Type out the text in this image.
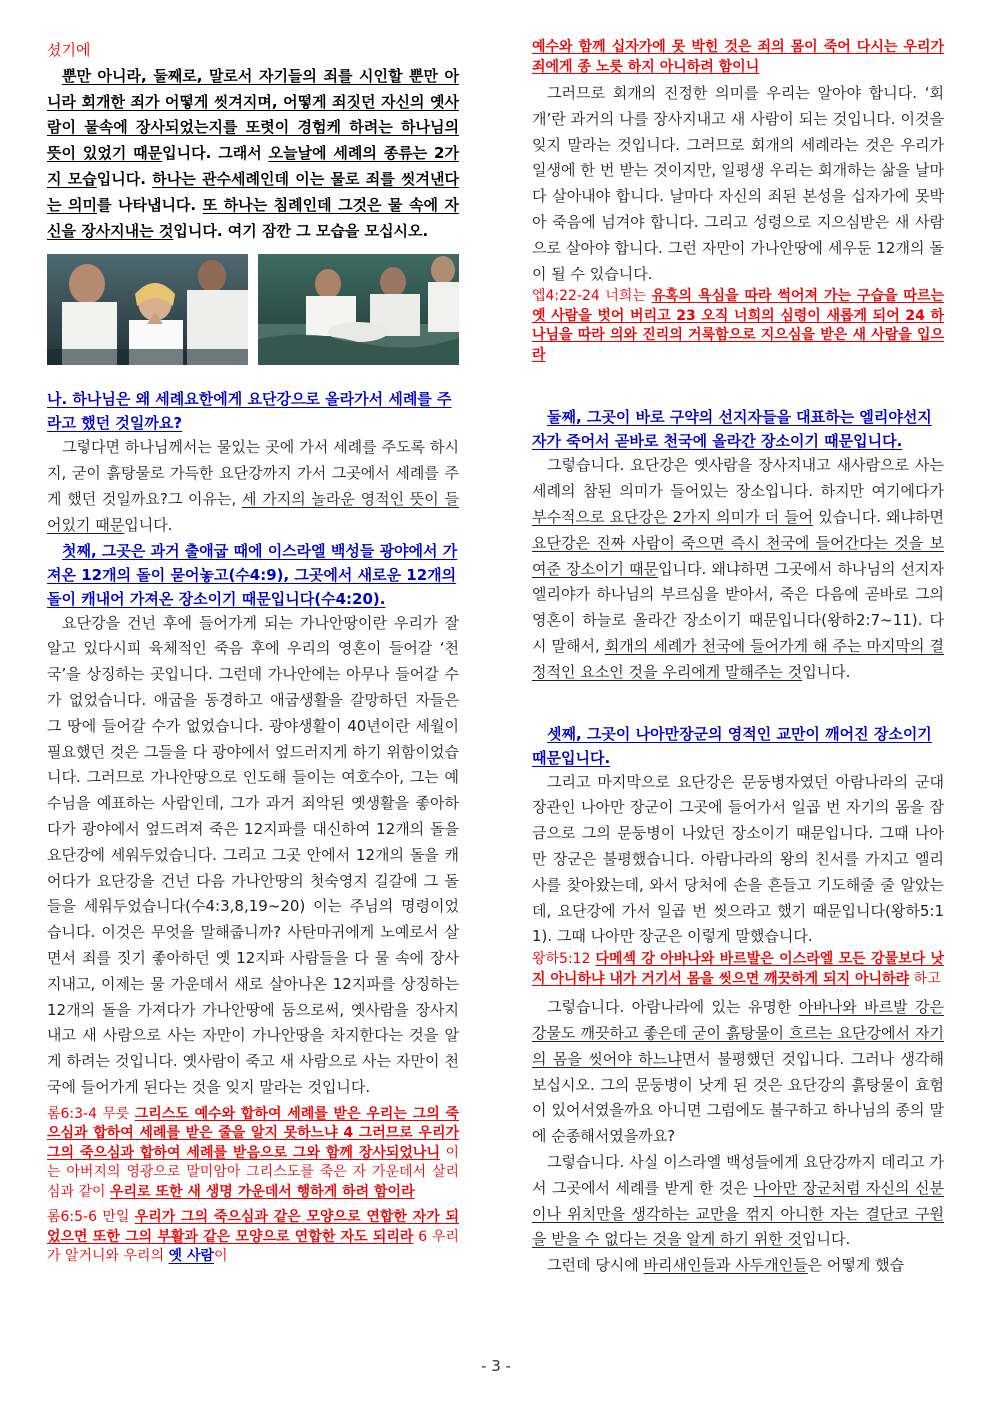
셨기에

뿐만 아니라, 둘째로, 말로서 자기들의 죄를 시인할 뿐만 아니라 회개한 죄가 어떻게 씻겨지며, 어떻게 죄짓던 자신의 옛사람이 물속에 장사되었는지를 또렷이 경험케 하려는 하나님의 뜻이 있었기 때문입니다. 그래서 오늘날에 세례의 종류는 2가지 모습입니다. 하나는 관수세례인데 이는 물로 죄를 씻겨낸다는 의미를 나타냅니다. 또 하나는 침례인데 그것은 물 속에 자신을 장사지내는 것입니다. 여기 잠깐 그 모습을 모십시오.

나. 하나님은 왜 세례요한에게 요단강으로 올라가서 세례를 주라고 했던 것일까요?

그렇다면 하나님께서는 물있는 곳에 가서 세례를 주도록 하시지, 굳이 흙탕물로 가득한 요단강까지 가서 그곳에서 세례를 주게 했던 것일까요?그 이유는, 세 가지의 놀라운 영적인 뜻이 들어있기 때문입니다.

첫째, 그곳은 과거 출애굽 때에 이스라엘 백성들 광야에서 가져온 12개의 돌이 묻어놓고(수4:9), 그곳에서 새로운 12개의 돌이 캐내어 가져온 장소이기 때문입니다(수4:20).

요단강을 건넌 후에 들어가게 되는 가나안땅이란 우리가 잘 알고 있다시피 육체적인 죽음 후에 우리의 영혼이 들어갈 ‘천국’을 상징하는 곳입니다. 그런데 가나안에는 아무나 들어갈 수가 없었습니다. 애굽을 동경하고 애굽생활을 갈망하던 자들은 그 땅에 들어갈 수가 없었습니다. 광야생활이 40년이란 세월이 필요했던 것은 그들을 다 광야에서 엎드러지게 하기 위함이었습니다. 그러므로 가나안땅으로 인도해 들이는 여호수아, 그는 예수님을 예표하는 사람인데, 그가 과거 죄악된 옛생활을 좋아하다가 광야에서 엎드려져 죽은 12지파를 대신하여 12개의 돌을 요단강에 세워두었습니다. 그리고 그곳 안에서 12개의 돌을 캐어다가 요단강을 건넌 다음 가나안땅의 첫숙영지 길갈에 그 돌들을 세워두었습니다(수4:3,8,19~20) 이는 주님의 명령이었습니다. 이것은 무엇을 말해줍니까? 사탄마귀에게 노예로서 살면서 죄를 짓기 좋아하던 옛 12지파 사람들을 다 물 속에 장사지내고, 이제는 물 가운데서 새로 살아나온 12지파를 상징하는 12개의 돌을 가져다가 가나안땅에 둠으로써, 옛사람을 장사지내고 새 사람으로 사는 자만이 가나안땅을 차지한다는 것을 알게 하려는 것입니다. 옛사람이 죽고 새 사람으로 사는 자만이 천국에 들어가게 된다는 것을 잊지 말라는 것입니다.

롬6:3-4 무릇 그리스도 예수와 합하여 세례를 받은 우리는 그의 죽으심과 합하여 세례를 받은 줄을 알지 못하느냐 4 그러므로 우리가 그의 죽으심과 합하여 세례를 받음으로 그와 함께 장사되었나니 이는 아버지의 영광으로 말미암아 그리스도를 죽은 자 가운데서 살리심과 같이 우리로 또한 새 생명 가운데서 행하게 하려 함이라

롬6:5-6 만일 우리가 그의 죽으심과 같은 모양으로 연합한 자가 되었으면 또한 그의 부활과 같은 모양으로 연합한 자도 되리라 6 우리가 알거니와 우리의 옛 사람이

예수와 함께 십자가에 못 박힌 것은 죄의 몸이 죽어 다시는 우리가 죄에게 종 노릇 하지 아니하려 함이니

그러므로 회개의 진정한 의미를 우리는 알아야 합니다. ‘회개’란 과거의 나를 장사지내고 새 사람이 되는 것입니다. 이것을 잊지 말라는 것입니다. 그러므로 회개의 세례라는 것은 우리가 일생에 한 번 받는 것이지만, 일평생 우리는 회개하는 삶을 날마다 살아내야 합니다. 날마다 자신의 죄된 본성을 십자가에 못박아 죽음에 넘겨야 합니다. 그리고 성령으로 지으심받은 새 사람으로 살아야 합니다. 그런 자만이 가나안땅에 세우둔 12개의 돌이 될 수 있습니다.

엡4:22-24 너희는 유혹의 욕심을 따라 썩어져 가는 구습을 따르는 옛 사람을 벗어 버리고 23 오직 너희의 심령이 새롭게 되어 24 하나님을 따라 의와 진리의 거룩함으로 지으심을 받은 새 사람을 입으라

둘째, 그곳이 바로 구약의 선지자들을 대표하는 엘리야선지자가 죽어서 곧바로 천국에 올라간 장소이기 때문입니다.

그렇습니다. 요단강은 옛사람을 장사지내고 새사람으로 사는 세례의 참된 의미가 들어있는 장소입니다. 하지만 여기에다가 부수적으로 요단강은 2가지 의미가 더 들어 있습니다. 왜냐하면 요단강은 진짜 사람이 죽으면 즉시 천국에 들어간다는 것을 보여준 장소이기 때문입니다. 왜냐하면 그곳에서 하나님의 선지자 엘리야가 하나님의 부르심을 받아서, 죽은 다음에 곧바로 그의 영혼이 하늘로 올라간 장소이기 때문입니다(왕하2:7~11). 다시 말해서, 회개의 세례가 천국에 들어가게 해 주는 마지막의 결정적인 요소인 것을 우리에게 말해주는 것입니다.

셋째, 그곳이 나아만장군의 영적인 교만이 깨어진 장소이기 때문입니다.

그리고 마지막으로 요단강은 문둥병자였던 아람나라의 군대장관인 나아만 장군이 그곳에 들어가서 일곱 번 자기의 몸을 잠금으로 그의 문둥병이 나았던 장소이기 때문입니다. 그때 나아만 장군은 불평했습니다. 아람나라의 왕의 친서를 가지고 엘리사를 찾아왔는데, 와서 당처에 손을 흔들고 기도해줄 줄 알았는데, 요단강에 가서 일곱 번 씻으라고 했기 때문입니다(왕하5:11). 그때 나아만 장군은 이렇게 말했습니다.

왕하5:12 다메섹 강 아바나와 바르발은 이스라엘 모든 강물보다 낫지 아니하냐 내가 거기서 몸을 씻으면 깨끗하게 되지 아니하랴 하고

그렇습니다. 아람나라에 있는 유명한 아바나와 바르발 강은 강물도 깨끗하고 좋은데 굳이 흙탕물이 흐르는 요단강에서 자기의 몸을 씻어야 하느냐면서 불평했던 것입니다. 그러나 생각해 보십시오. 그의 문둥병이 낫게 된 것은 요단강의 흙탕물이 효험이 있어서였을까요 아니면 그럼에도 불구하고 하나님의 종의 말에 순종해서였을까요?

그렇습니다. 사실 이스라엘 백성들에게 요단강까지 데리고 가서 그곳에서 세례를 받게 한 것은 나아만 장군처럼 자신의 신분이나 위치만을 생각하는 교만을 꺾지 아니한 자는 결단코 구원을 받을 수 없다는 것을 알게 하기 위한 것입니다.

그런데 당시에 바리새인들과 사두개인들은 어떻게 했습

- 3 -
